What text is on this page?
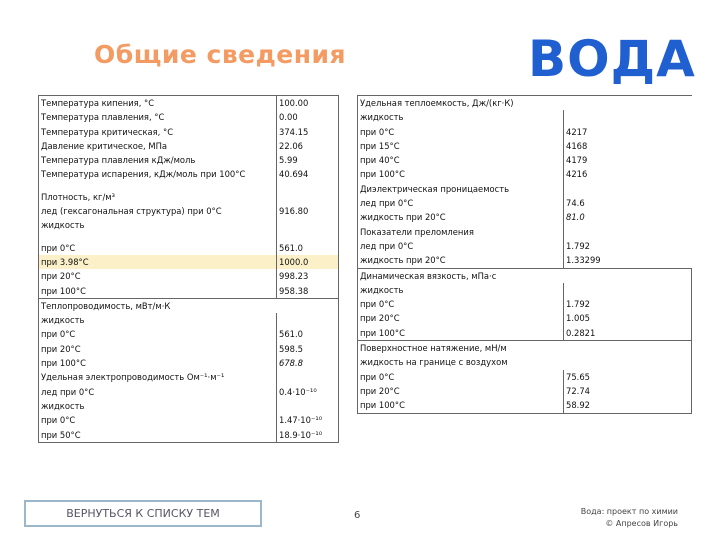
Общие сведения	ВОДА
Температура кипения, °С	100.00
Температура плавления, °С	0.00
Температура критическая, °С	374.15
Давление критическое, МПа	22.06
Температура плавления кДж/моль	5.99
Температура испарения, кДж/моль при 100°С	40.694

Плотность, кг/м³	
лед (гексагональная структура) при 0°С	916.80
жидкость	

при 0°С	561.0
при 3.98°С	1000.0
при 20°С	998.23
при 100°С	958.38
Теплопроводимость, мВт/м·К	
жидкость	
при 0°С	561.0
при 20°С	598.5
при 100°С	678.8
Удельная электропроводимость Ом⁻¹·м⁻¹	
лед при 0°С	0.4·10⁻¹⁰
жидкость	
при 0°С	1.47·10⁻¹⁰
при 50°С	18.9·10⁻¹⁰
Удельная теплоемкость, Дж/(кг·К)	
жидкость	
при 0°С	4217
при 15°С	4168
при 40°С	4179
при 100°С	4216
Диэлектрическая проницаемость	
лед при 0°С	74.6
жидкость при 20°С	81.0
Показатели преломления	
лед при 0°С	1.792
жидкость при 20°С	1.33299
Динамическая вязкость, мПа·с	
жидкость	
при 0°С	1.792
при 20°С	1.005
при 100°С	0.2821
Поверхностное натяжение, мН/м	
жидкость на границе с воздухом	
при 0°С	75.65
при 20°С	72.74
при 100°С	58.92
ВЕРНУТЬСЯ К СПИСКУ ТЕМ	6	Вода: проект по химии
© Апресов Игорь
